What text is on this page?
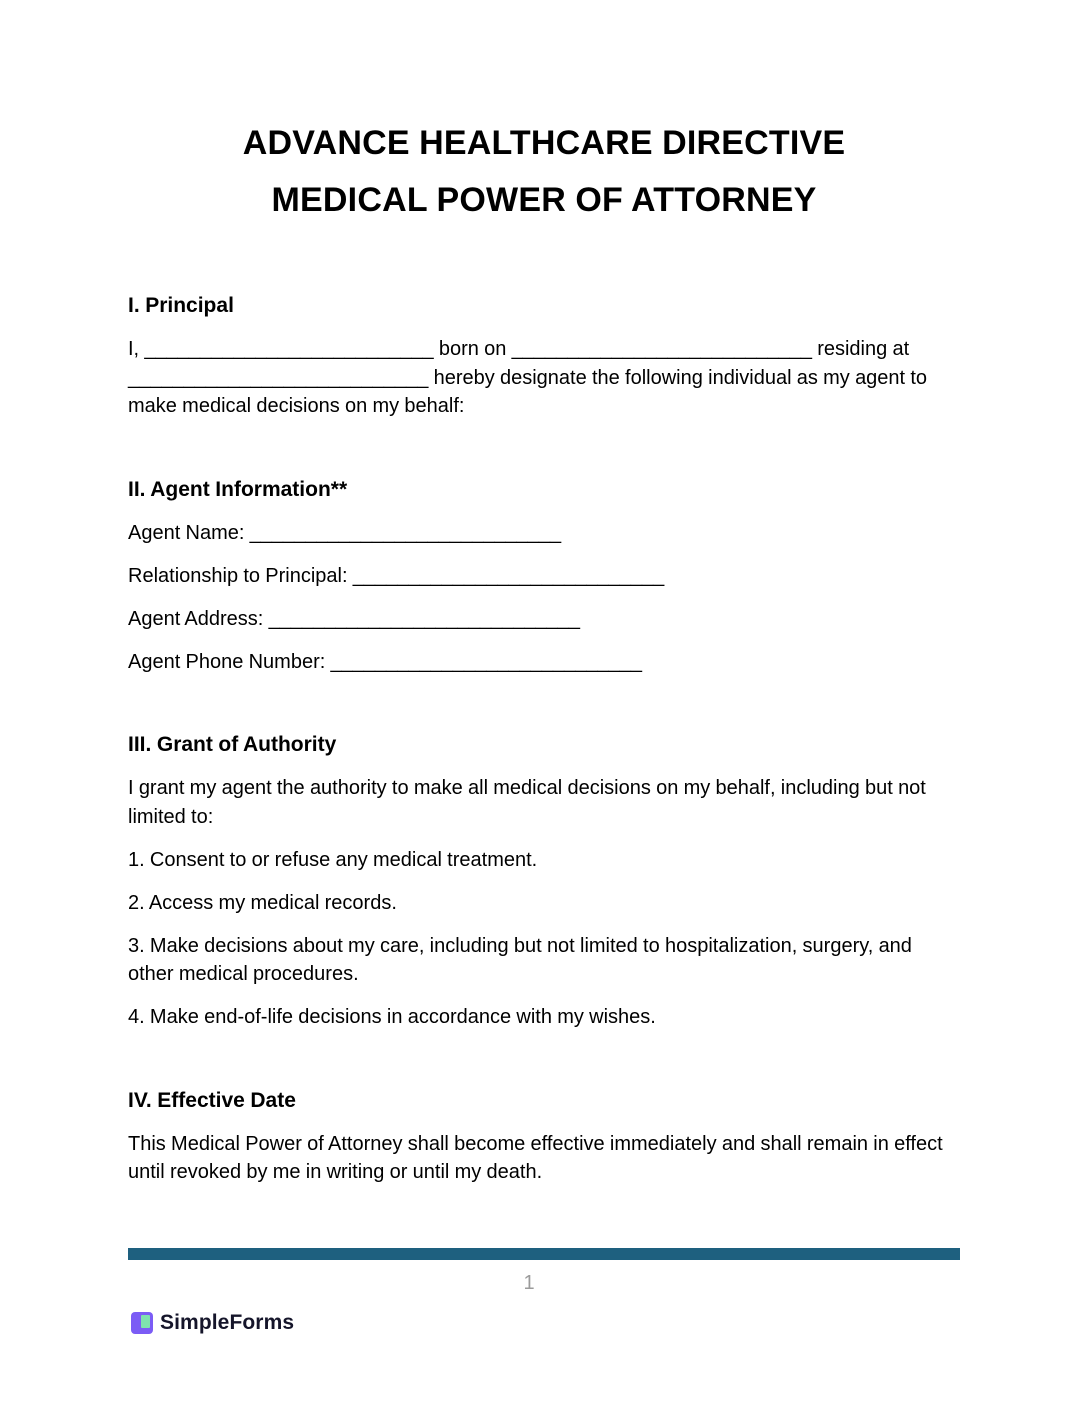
ADVANCE HEALTHCARE DIRECTIVE
MEDICAL POWER OF ATTORNEY
I. Principal

I, __________________________ born on ___________________________ residing at ___________________________ hereby designate the following individual as my agent to make medical decisions on my behalf:

II. Agent Information**

Agent Name: ____________________________

Relationship to Principal: ____________________________

Agent Address: ____________________________

Agent Phone Number: ____________________________

III. Grant of Authority

I grant my agent the authority to make all medical decisions on my behalf, including but not limited to:

1. Consent to or refuse any medical treatment.

2. Access my medical records.

3. Make decisions about my care, including but not limited to hospitalization, surgery, and other medical procedures.

4. Make end-of-life decisions in accordance with my wishes.

IV. Effective Date

This Medical Power of Attorney shall become effective immediately and shall remain in effect until revoked by me in writing or until my death.

1
SimpleForms
